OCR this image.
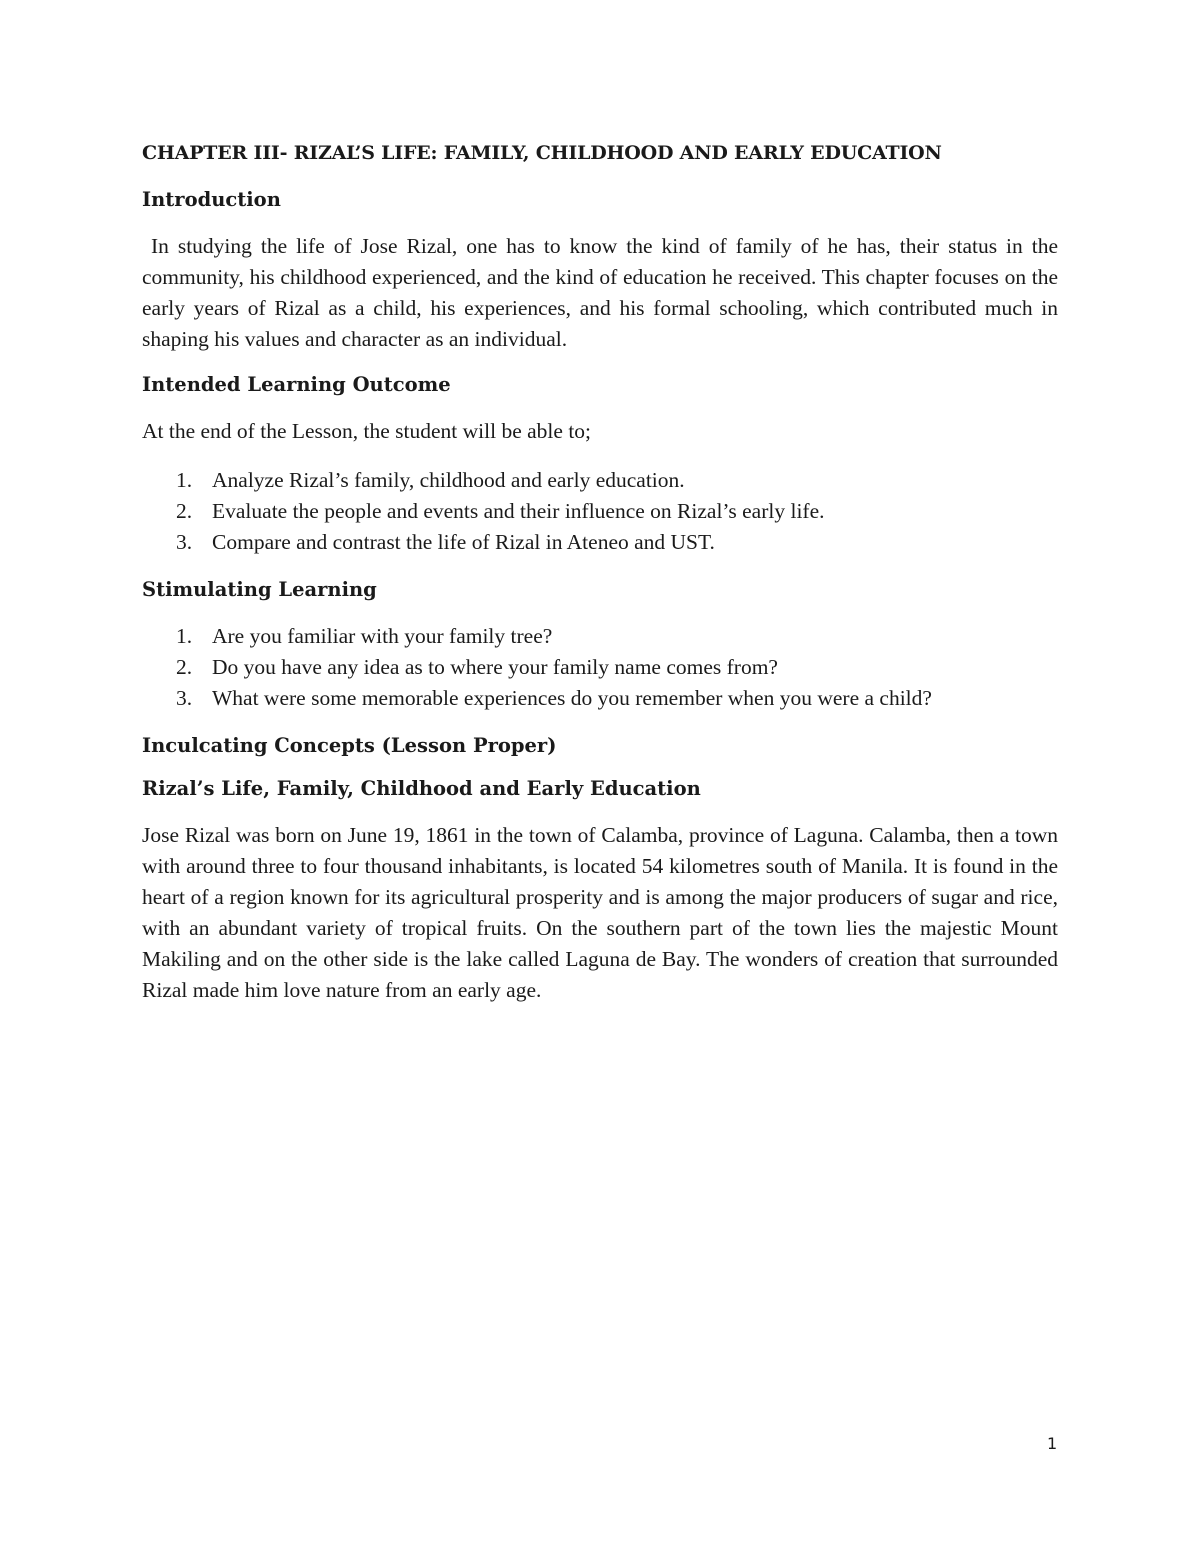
CHAPTER III- RIZAL’S LIFE: FAMILY, CHILDHOOD AND EARLY EDUCATION
Introduction

In studying the life of Jose Rizal, one has to know the kind of family of he has, their status in the community, his childhood experienced, and the kind of education he received. This chapter focuses on the early years of Rizal as a child, his experiences, and his formal schooling, which contributed much in shaping his values and character as an individual.

Intended Learning Outcome

At the end of the Lesson, the student will be able to;

1. Analyze Rizal’s family, childhood and early education.
2. Evaluate the people and events and their influence on Rizal’s early life.
3. Compare and contrast the life of Rizal in Ateneo and UST.
Stimulating Learning
1. Are you familiar with your family tree?
2. Do you have any idea as to where your family name comes from?
3. What were some memorable experiences do you remember when you were a child?
Inculcating Concepts (Lesson Proper)
Rizal’s Life, Family, Childhood and Early Education

Jose Rizal was born on June 19, 1861 in the town of Calamba, province of Laguna. Calamba, then a town with around three to four thousand inhabitants, is located 54 kilometres south of Manila. It is found in the heart of a region known for its agricultural prosperity and is among the major producers of sugar and rice, with an abundant variety of tropical fruits. On the southern part of the town lies the majestic Mount Makiling and on the other side is the lake called Laguna de Bay. The wonders of creation that surrounded Rizal made him love nature from an early age.

1
